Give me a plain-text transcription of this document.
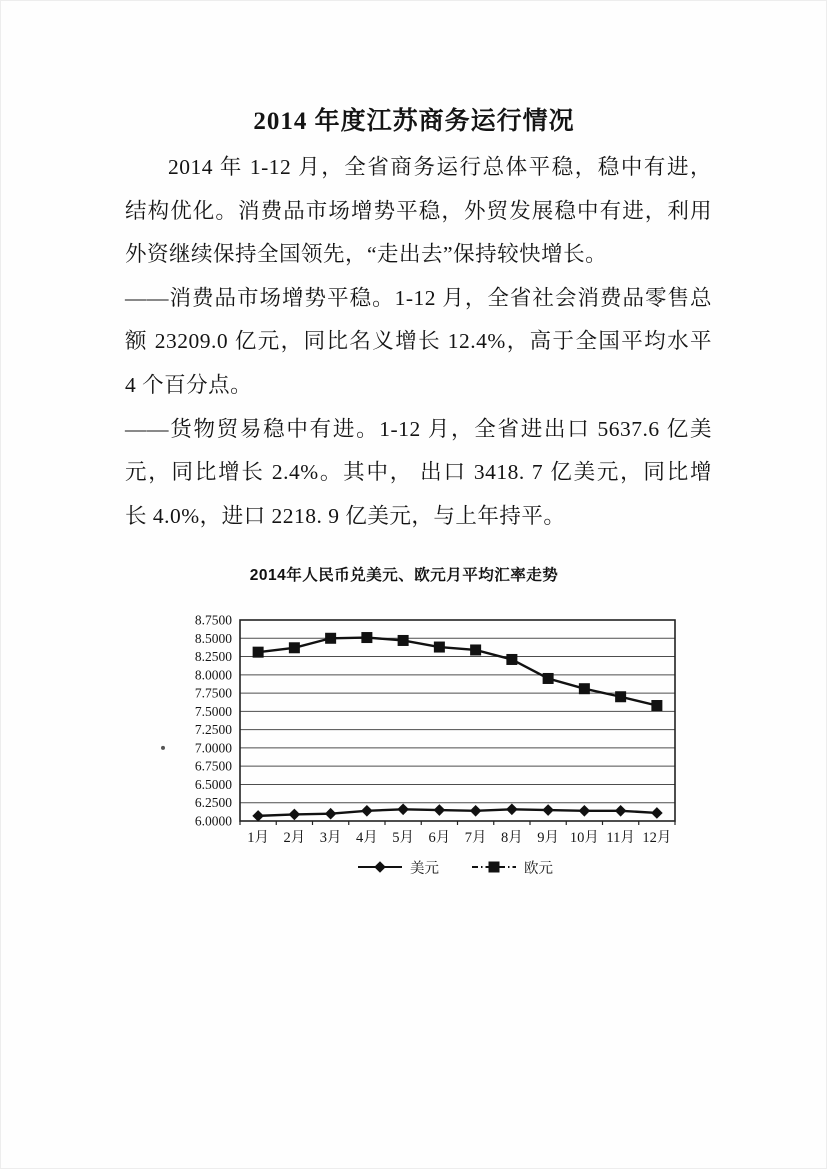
2014 年度江苏商务运行情况
2014 年 1-12 月，全省商务运行总体平稳，稳中有进，
结构优化。消费品市场增势平稳，外贸发展稳中有进，利用
外资继续保持全国领先，“走出去”保持较快增长。
——消费品市场增势平稳。1-12 月，全省社会消费品零售总
额 23209.0 亿元，同比名义增长 12.4%，高于全国平均水平
4 个百分点。
——货物贸易稳中有进。1-12 月，全省进出口 5637.6 亿美
元，同比增长 2.4%。其中， 出口 3418. 7 亿美元，同比增
长 4.0%，进口 2218. 9 亿美元，与上年持平。
2014年人民币兑美元、欧元月平均汇率走势
8.7500
8.5000
8.2500
8.0000
7.7500
7.5000
7.2500
7.0000
6.7500
6.5000
6.2500
6.0000
1月 2月 3月 4月 5月 6月 7月 8月 9月 10月 11月 12月
美元	欧元
